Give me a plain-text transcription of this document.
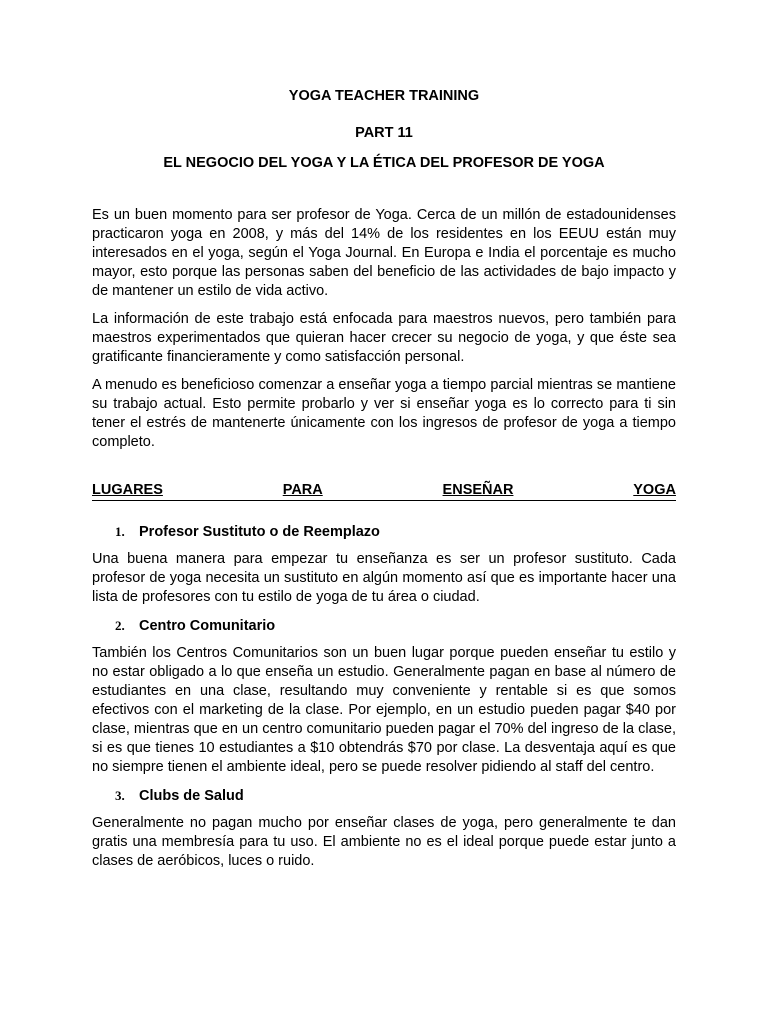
YOGA TEACHER TRAINING

PART 11

EL NEGOCIO DEL YOGA Y LA ÉTICA DEL PROFESOR DE YOGA

Es un buen momento para ser profesor de Yoga. Cerca de un millón de estadounidenses practicaron yoga en 2008, y más del 14% de los residentes en los EEUU están muy interesados en el yoga, según el Yoga Journal. En Europa e India el porcentaje es mucho mayor, esto porque las personas saben del beneficio de las actividades de bajo impacto y de mantener un estilo de vida activo.

La información de este trabajo está enfocada para maestros nuevos, pero también para maestros experimentados que quieran hacer crecer su negocio de yoga, y que éste sea gratificante financieramente y como satisfacción personal.

A menudo es beneficioso comenzar a enseñar yoga a tiempo parcial mientras se mantiene su trabajo actual. Esto permite probarlo y ver si enseñar yoga es lo correcto para ti sin tener el estrés de mantenerte únicamente con los ingresos de profesor de yoga a tiempo completo.

LUGARES	PARA	ENSEÑAR	YOGA
1. Profesor Sustituto o de Reemplazo

Una buena manera para empezar tu enseñanza es ser un profesor sustituto. Cada profesor de yoga necesita un sustituto en algún momento así que es importante hacer una lista de profesores con tu estilo de yoga de tu área o ciudad.

2. Centro Comunitario

También los Centros Comunitarios son un buen lugar porque pueden enseñar tu estilo y no estar obligado a lo que enseña un estudio. Generalmente pagan en base al número de estudiantes en una clase, resultando muy conveniente y rentable si es que somos efectivos con el marketing de la clase. Por ejemplo, en un estudio pueden pagar $40 por clase, mientras que en un centro comunitario pueden pagar el 70% del ingreso de la clase, si es que tienes 10 estudiantes a $10 obtendrás $70 por clase. La desventaja aquí es que no siempre tienen el ambiente ideal, pero se puede resolver pidiendo al staff del centro.

3. Clubs de Salud

Generalmente no pagan mucho por enseñar clases de yoga, pero generalmente te dan gratis una membresía para tu uso. El ambiente no es el ideal porque puede estar junto a clases de aeróbicos, luces o ruido.
